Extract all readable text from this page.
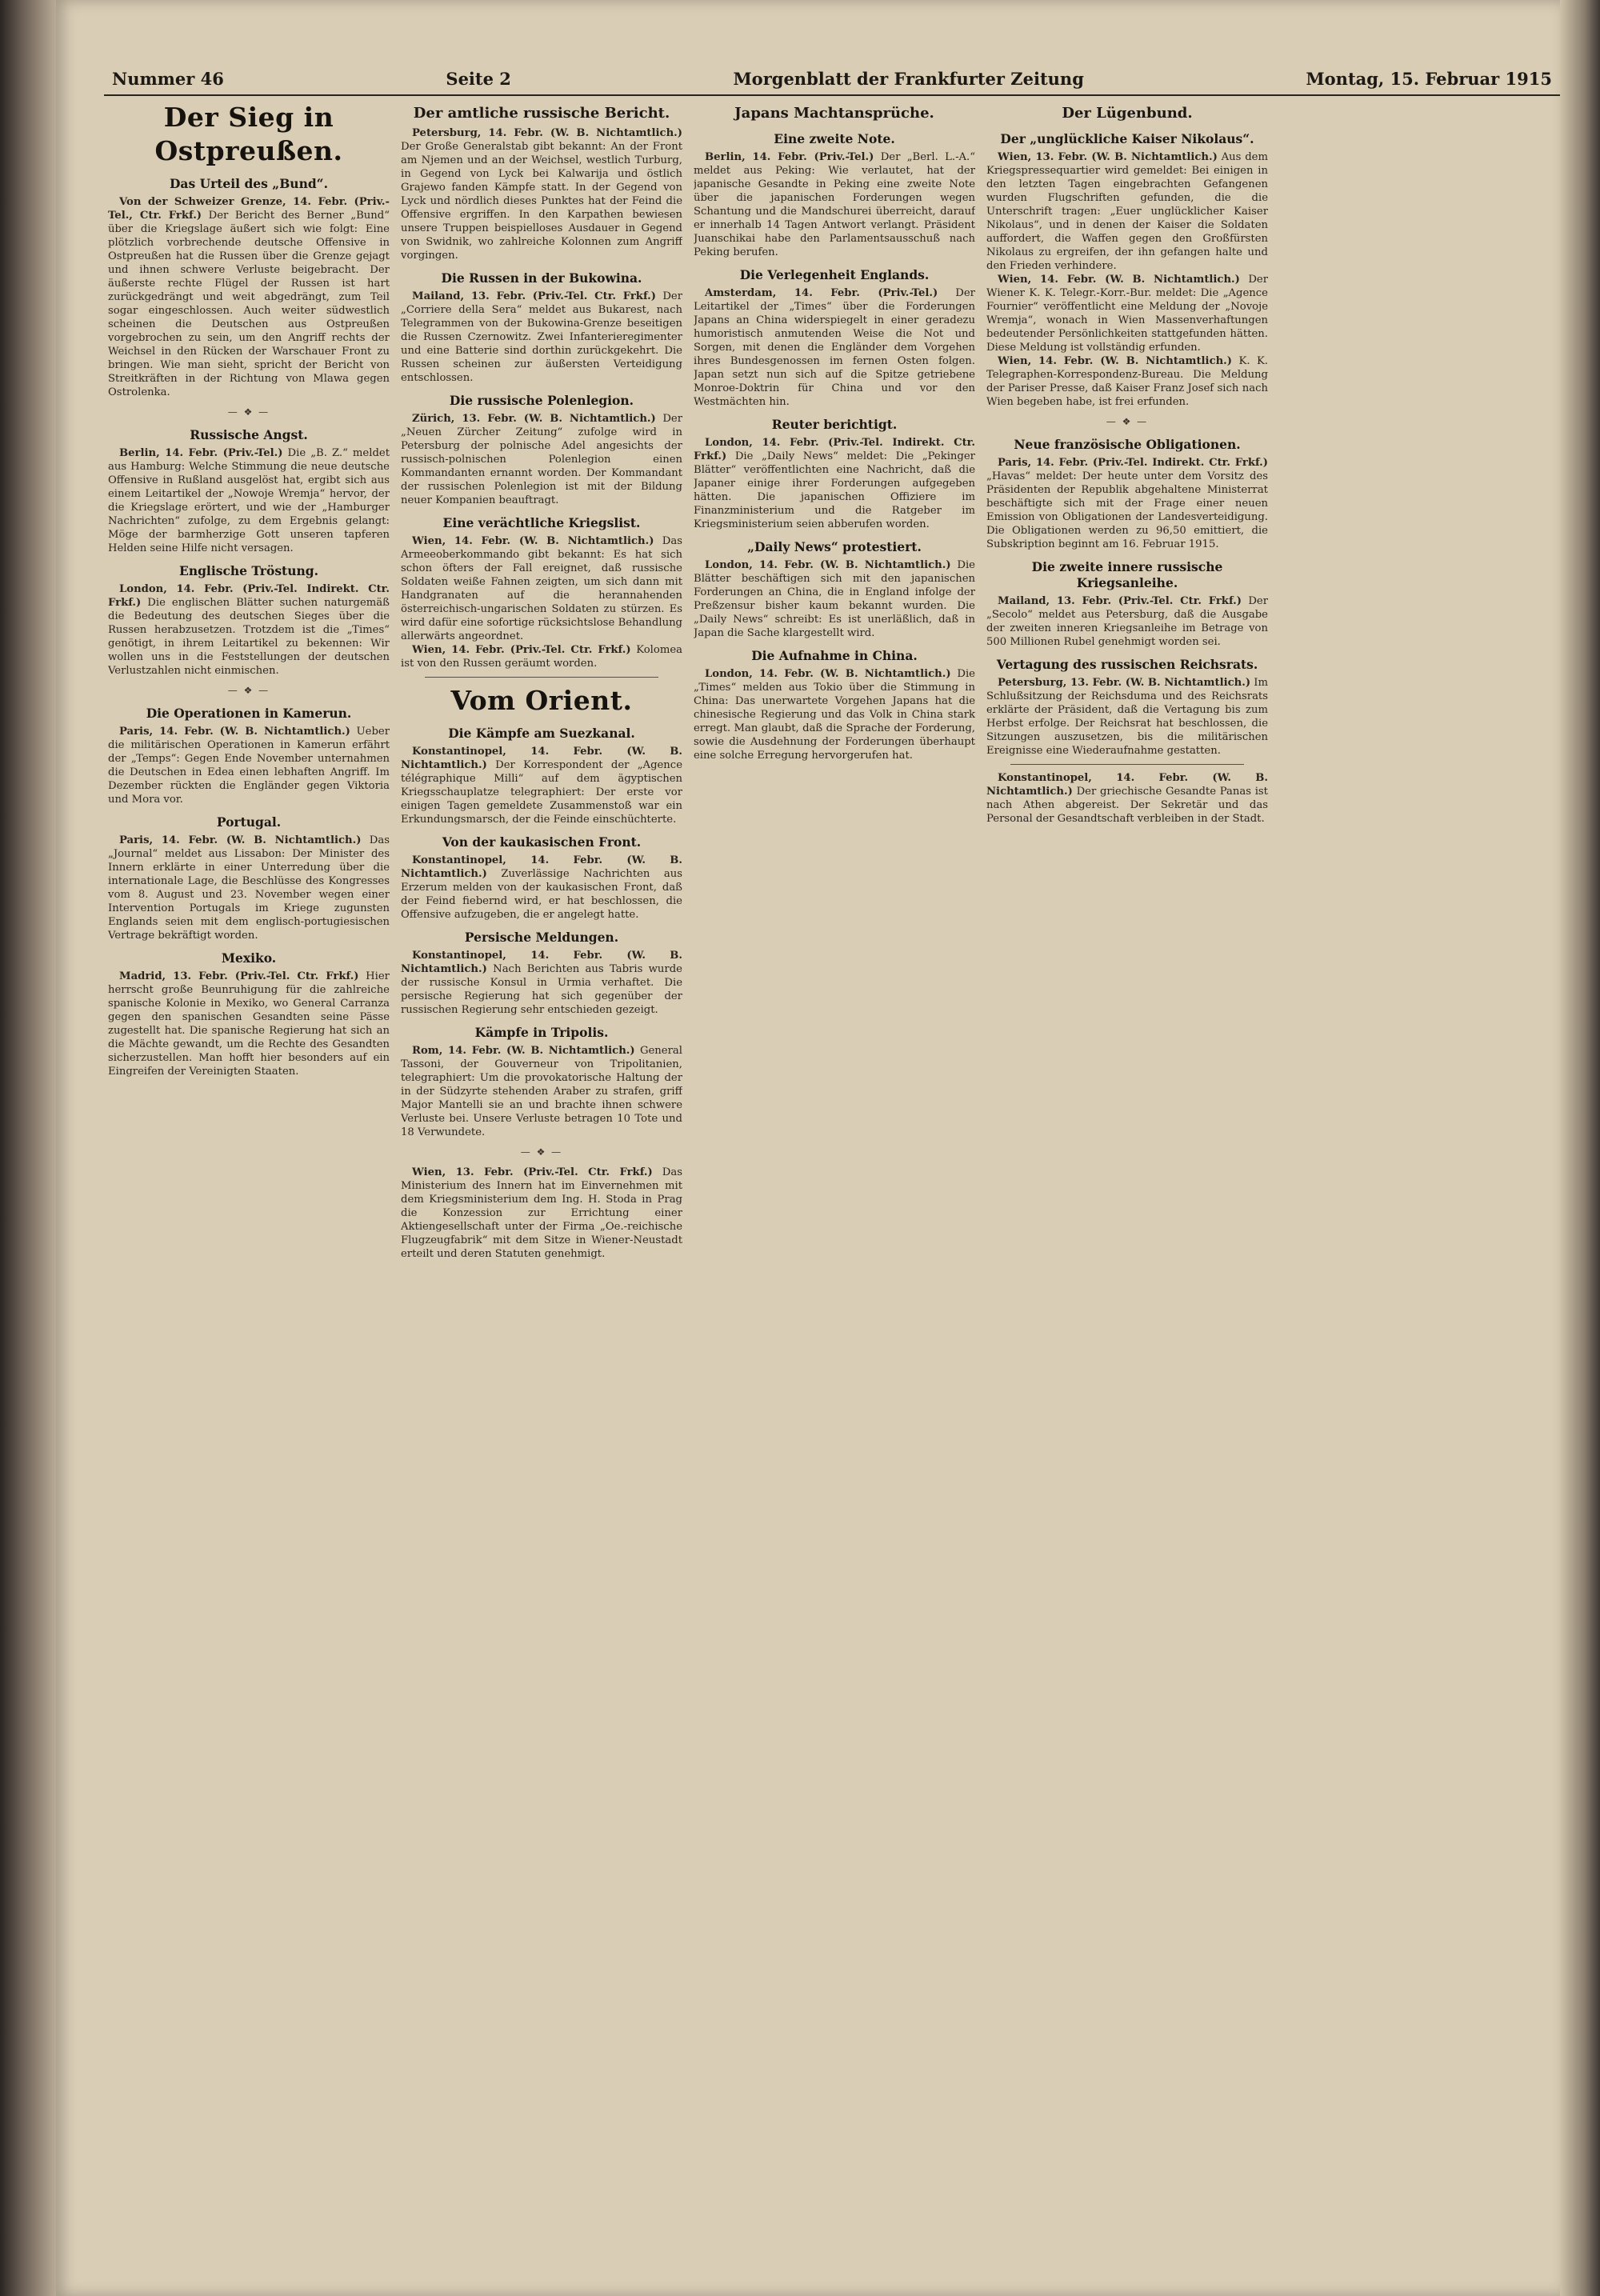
Nummer 46	Seite 2	Morgenblatt der Frankfurter Zeitung	Montag, 15. Februar 1915
Der Sieg in Ostpreußen.
Das Urteil des „Bund“.

Von der Schweizer Grenze, 14. Febr. (Priv.-Tel., Ctr. Frkf.) Der Bericht des Berner „Bund“ über die Kriegslage äußert sich wie folgt: Eine plötzlich vorbrechende deutsche Offensive in Ostpreußen hat die Russen über die Grenze gejagt und ihnen schwere Verluste beigebracht. Der äußerste rechte Flügel der Russen ist hart zurückgedrängt und weit abgedrängt, zum Teil sogar eingeschlossen. Auch weiter südwestlich scheinen die Deutschen aus Ostpreußen vorgebrochen zu sein, um den Angriff rechts der Weichsel in den Rücken der Warschauer Front zu bringen. Wie man sieht, spricht der Bericht von Streitkräften in der Richtung von Mlawa gegen Ostrolenka.

— ❖ —
Russische Angst.

Berlin, 14. Febr. (Priv.-Tel.) Die „B. Z.“ meldet aus Hamburg: Welche Stimmung die neue deutsche Offensive in Rußland ausgelöst hat, ergibt sich aus einem Leitartikel der „Nowoje Wremja“ hervor, der die Kriegslage erörtert, und wie der „Hamburger Nachrichten“ zufolge, zu dem Ergebnis gelangt: Möge der barmherzige Gott unseren tapferen Helden seine Hilfe nicht versagen.

Englische Tröstung.

London, 14. Febr. (Priv.-Tel. Indirekt. Ctr. Frkf.) Die englischen Blätter suchen naturgemäß die Bedeutung des deutschen Sieges über die Russen herabzusetzen. Trotzdem ist die „Times“ genötigt, in ihrem Leitartikel zu bekennen: Wir wollen uns in die Feststellungen der deutschen Verlustzahlen nicht einmischen.

— ❖ —
Die Operationen in Kamerun.

Paris, 14. Febr. (W. B. Nichtamtlich.) Ueber die militärischen Operationen in Kamerun erfährt der „Temps“: Gegen Ende November unternahmen die Deutschen in Edea einen lebhaften Angriff. Im Dezember rückten die Engländer gegen Viktoria und Mora vor.

Portugal.

Paris, 14. Febr. (W. B. Nichtamtlich.) Das „Journal“ meldet aus Lissabon: Der Minister des Innern erklärte in einer Unterredung über die internationale Lage, die Beschlüsse des Kongresses vom 8. August und 23. November wegen einer Intervention Portugals im Kriege zugunsten Englands seien mit dem englisch-portugiesischen Vertrage bekräftigt worden.

Mexiko.

Madrid, 13. Febr. (Priv.-Tel. Ctr. Frkf.) Hier herrscht große Beunruhigung für die zahlreiche spanische Kolonie in Mexiko, wo General Carranza gegen den spanischen Gesandten seine Pässe zugestellt hat. Die spanische Regierung hat sich an die Mächte gewandt, um die Rechte des Gesandten sicherzustellen. Man hofft hier besonders auf ein Eingreifen der Vereinigten Staaten.

Der amtliche russische Bericht.

Petersburg, 14. Febr. (W. B. Nichtamtlich.) Der Große Generalstab gibt bekannt: An der Front am Njemen und an der Weichsel, westlich Turburg, in Gegend von Lyck bei Kalwarija und östlich Grajewo fanden Kämpfe statt. In der Gegend von Lyck und nördlich dieses Punktes hat der Feind die Offensive ergriffen. In den Karpathen bewiesen unsere Truppen beispielloses Ausdauer in Gegend von Swidnik, wo zahlreiche Kolonnen zum Angriff vorgingen.

Die Russen in der Bukowina.

Mailand, 13. Febr. (Priv.-Tel. Ctr. Frkf.) Der „Corriere della Sera“ meldet aus Bukarest, nach Telegrammen von der Bukowina-Grenze beseitigen die Russen Czernowitz. Zwei Infanterieregimenter und eine Batterie sind dorthin zurückgekehrt. Die Russen scheinen zur äußersten Verteidigung entschlossen.

Die russische Polenlegion.

Zürich, 13. Febr. (W. B. Nichtamtlich.) Der „Neuen Zürcher Zeitung“ zufolge wird in Petersburg der polnische Adel angesichts der russisch-polnischen Polenlegion einen Kommandanten ernannt worden. Der Kommandant der russischen Polenlegion ist mit der Bildung neuer Kompanien beauftragt.

Eine verächtliche Kriegslist.

Wien, 14. Febr. (W. B. Nichtamtlich.) Das Armeeoberkommando gibt bekannt: Es hat sich schon öfters der Fall ereignet, daß russische Soldaten weiße Fahnen zeigten, um sich dann mit Handgranaten auf die herannahenden österreichisch-ungarischen Soldaten zu stürzen. Es wird dafür eine sofortige rücksichtslose Behandlung allerwärts angeordnet.

Wien, 14. Febr. (Priv.-Tel. Ctr. Frkf.) Kolomea ist von den Russen geräumt worden.

Vom Orient.
Die Kämpfe am Suezkanal.

Konstantinopel, 14. Febr. (W. B. Nichtamtlich.) Der Korrespondent der „Agence télégraphique Milli“ auf dem ägyptischen Kriegsschauplatze telegraphiert: Der erste vor einigen Tagen gemeldete Zusammenstoß war ein Erkundungsmarsch, der die Feinde einschüchterte.

Von der kaukasischen Front.

Konstantinopel, 14. Febr. (W. B. Nichtamtlich.) Zuverlässige Nachrichten aus Erzerum melden von der kaukasischen Front, daß der Feind fiebernd wird, er hat beschlossen, die Offensive aufzugeben, die er angelegt hatte.

Persische Meldungen.

Konstantinopel, 14. Febr. (W. B. Nichtamtlich.) Nach Berichten aus Tabris wurde der russische Konsul in Urmia verhaftet. Die persische Regierung hat sich gegenüber der russischen Regierung sehr entschieden gezeigt.

Kämpfe in Tripolis.

Rom, 14. Febr. (W. B. Nichtamtlich.) General Tassoni, der Gouverneur von Tripolitanien, telegraphiert: Um die provokatorische Haltung der in der Südzyrte stehenden Araber zu strafen, griff Major Mantelli sie an und brachte ihnen schwere Verluste bei. Unsere Verluste betragen 10 Tote und 18 Verwundete.

— ❖ —

Wien, 13. Febr. (Priv.-Tel. Ctr. Frkf.) Das Ministerium des Innern hat im Einvernehmen mit dem Kriegsministerium dem Ing. H. Stoda in Prag die Konzession zur Errichtung einer Aktiengesellschaft unter der Firma „Oe.-reichische Flugzeugfabrik“ mit dem Sitze in Wiener-Neustadt erteilt und deren Statuten genehmigt.

Japans Machtansprüche.
Eine zweite Note.

Berlin, 14. Febr. (Priv.-Tel.) Der „Berl. L.-A.“ meldet aus Peking: Wie verlautet, hat der japanische Gesandte in Peking eine zweite Note über die japanischen Forderungen wegen Schantung und die Mandschurei überreicht, darauf er innerhalb 14 Tagen Antwort verlangt. Präsident Juanschikai habe den Parlamentsausschuß nach Peking berufen.

Die Verlegenheit Englands.

Amsterdam, 14. Febr. (Priv.-Tel.) Der Leitartikel der „Times“ über die Forderungen Japans an China widerspiegelt in einer geradezu humoristisch anmutenden Weise die Not und Sorgen, mit denen die Engländer dem Vorgehen ihres Bundesgenossen im fernen Osten folgen. Japan setzt nun sich auf die Spitze getriebene Monroe-Doktrin für China und vor den Westmächten hin.

Reuter berichtigt.

London, 14. Febr. (Priv.-Tel. Indirekt. Ctr. Frkf.) Die „Daily News“ meldet: Die „Pekinger Blätter“ veröffentlichten eine Nachricht, daß die Japaner einige ihrer Forderungen aufgegeben hätten. Die japanischen Offiziere im Finanzministerium und die Ratgeber im Kriegsministerium seien abberufen worden.

„Daily News“ protestiert.

London, 14. Febr. (W. B. Nichtamtlich.) Die Blätter beschäftigen sich mit den japanischen Forderungen an China, die in England infolge der Preßzensur bisher kaum bekannt wurden. Die „Daily News“ schreibt: Es ist unerläßlich, daß in Japan die Sache klargestellt wird.

Die Aufnahme in China.

London, 14. Febr. (W. B. Nichtamtlich.) Die „Times“ melden aus Tokio über die Stimmung in China: Das unerwartete Vorgehen Japans hat die chinesische Regierung und das Volk in China stark erregt. Man glaubt, daß die Sprache der Forderung, sowie die Ausdehnung der Forderungen überhaupt eine solche Erregung hervorgerufen hat.

Der Lügenbund.
Der „unglückliche Kaiser Nikolaus“.

Wien, 13. Febr. (W. B. Nichtamtlich.) Aus dem Kriegspressequartier wird gemeldet: Bei einigen in den letzten Tagen eingebrachten Gefangenen wurden Flugschriften gefunden, die die Unterschrift tragen: „Euer unglücklicher Kaiser Nikolaus“, und in denen der Kaiser die Soldaten auffordert, die Waffen gegen den Großfürsten Nikolaus zu ergreifen, der ihn gefangen halte und den Frieden verhindere.

Wien, 14. Febr. (W. B. Nichtamtlich.) Der Wiener K. K. Telegr.-Korr.-Bur. meldet: Die „Agence Fournier“ veröffentlicht eine Meldung der „Novoje Wremja“, wonach in Wien Massenverhaftungen bedeutender Persönlichkeiten stattgefunden hätten. Diese Meldung ist vollständig erfunden.

Wien, 14. Febr. (W. B. Nichtamtlich.) K. K. Telegraphen-Korrespondenz-Bureau. Die Meldung der Pariser Presse, daß Kaiser Franz Josef sich nach Wien begeben habe, ist frei erfunden.

— ❖ —
Neue französische Obligationen.

Paris, 14. Febr. (Priv.-Tel. Indirekt. Ctr. Frkf.) „Havas“ meldet: Der heute unter dem Vorsitz des Präsidenten der Republik abgehaltene Ministerrat beschäftigte sich mit der Frage einer neuen Emission von Obligationen der Landesverteidigung. Die Obligationen werden zu 96,50 emittiert, die Subskription beginnt am 16. Februar 1915.

Die zweite innere russische Kriegsanleihe.

Mailand, 13. Febr. (Priv.-Tel. Ctr. Frkf.) Der „Secolo“ meldet aus Petersburg, daß die Ausgabe der zweiten inneren Kriegsanleihe im Betrage von 500 Millionen Rubel genehmigt worden sei.

Vertagung des russischen Reichsrats.

Petersburg, 13. Febr. (W. B. Nichtamtlich.) Im Schlußsitzung der Reichsduma und des Reichsrats erklärte der Präsident, daß die Vertagung bis zum Herbst erfolge. Der Reichsrat hat beschlossen, die Sitzungen auszusetzen, bis die militärischen Ereignisse eine Wiederaufnahme gestatten.

Konstantinopel, 14. Febr. (W. B. Nichtamtlich.) Der griechische Gesandte Panas ist nach Athen abgereist. Der Sekretär und das Personal der Gesandtschaft verbleiben in der Stadt.
